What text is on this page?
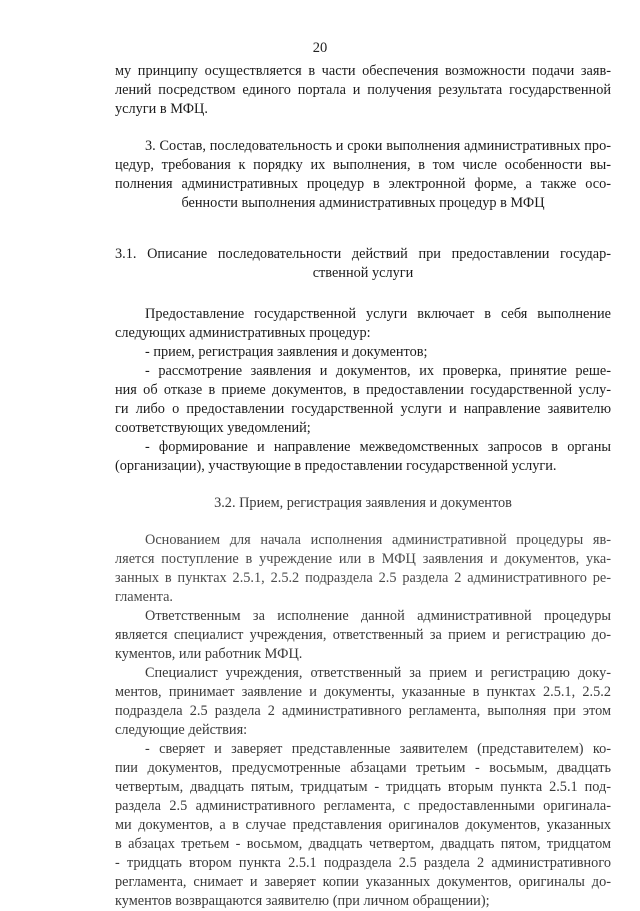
20

му принципу осуществляется в части обеспечения возможности подачи заяв-

лений посредством единого портала и получения результата государственной

услуги в МФЦ.

3. Состав, последовательность и сроки выполнения административных про-

цедур, требования к порядку их выполнения, в том числе особенности вы-

полнения административных процедур в электронной форме, а также осо-

бенности выполнения административных процедур в МФЦ

3.1. Описание последовательности действий при предоставлении государ-

ственной услуги

Предоставление государственной услуги включает в себя выполнение

следующих административных процедур:

- прием, регистрация заявления и документов;

- рассмотрение заявления и документов, их проверка, принятие реше-

ния об отказе в приеме документов, в предоставлении государственной услу-

ги либо о предоставлении государственной услуги и направление заявителю

соответствующих уведомлений;

- формирование и направление межведомственных запросов в органы

(организации), участвующие в предоставлении государственной услуги.

3.2. Прием, регистрация заявления и документов

Основанием для начала исполнения административной процедуры яв-

ляется поступление в учреждение или в МФЦ заявления и документов, ука-

занных в пунктах 2.5.1, 2.5.2 подраздела 2.5 раздела 2 административного ре-

гламента.

Ответственным за исполнение данной административной процедуры

является специалист учреждения, ответственный за прием и регистрацию до-

кументов, или работник МФЦ.

Специалист учреждения, ответственный за прием и регистрацию доку-

ментов, принимает заявление и документы, указанные в пунктах 2.5.1, 2.5.2

подраздела 2.5 раздела 2 административного регламента, выполняя при этом

следующие действия:

- сверяет и заверяет представленные заявителем (представителем) ко-

пии документов, предусмотренные абзацами третьим - восьмым, двадцать

четвертым, двадцать пятым, тридцатым - тридцать вторым пункта 2.5.1 под-

раздела 2.5 административного регламента, с предоставленными оригинала-

ми документов, а в случае представления оригиналов документов, указанных

в абзацах третьем - восьмом, двадцать четвертом, двадцать пятом, тридцатом

- тридцать втором пункта 2.5.1 подраздела 2.5 раздела 2 административного

регламента, снимает и заверяет копии указанных документов, оригиналы до-

кументов возвращаются заявителю (при личном обращении);
